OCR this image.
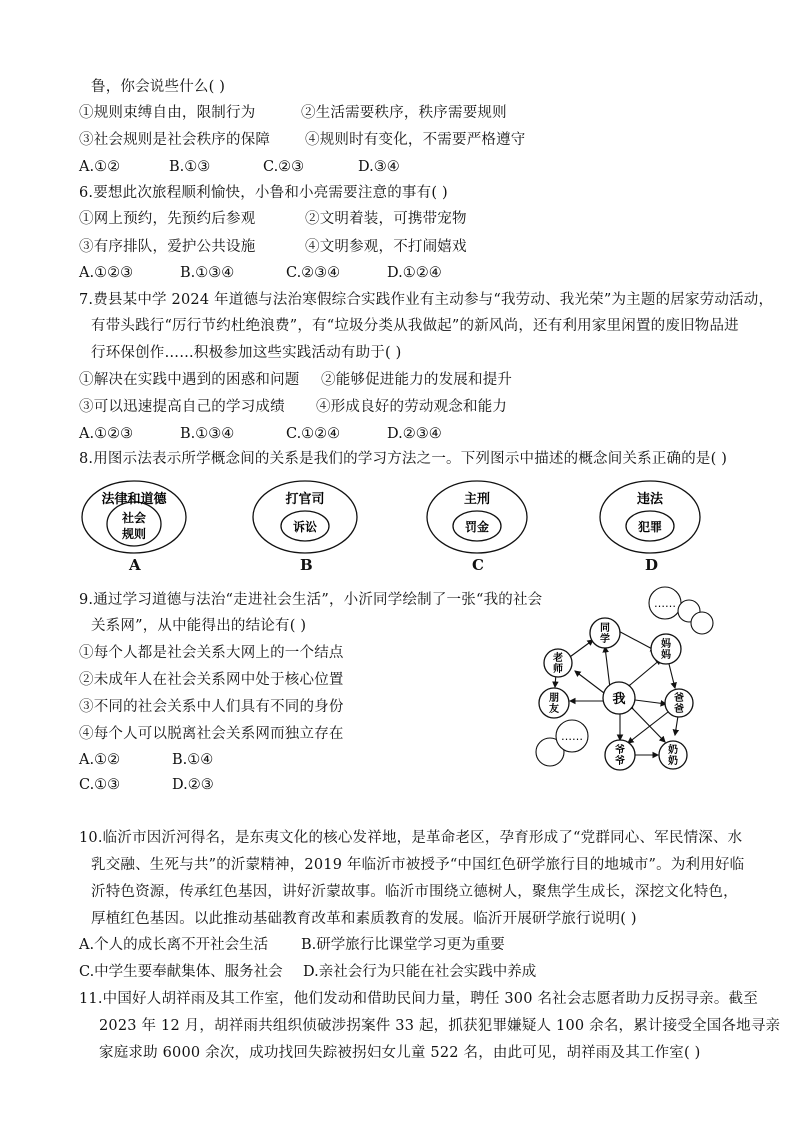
鲁，你会说些什么( )
①规则束缚自由，限制行为	②生活需要秩序，秩序需要规则
③社会规则是社会秩序的保障 ④规则时有变化，不需要严格遵守
A.①②	B.①③	C.②③	D.③④
6.要想此次旅程顺利愉快，小鲁和小亮需要注意的事有( )
①网上预约，先预约后参观	②文明着装，可携带宠物
③有序排队，爱护公共设施	④文明参观，不打闹嬉戏
A.①②③	B.①③④	C.②③④	D.①②④
7.费县某中学 2024 年道德与法治寒假综合实践作业有主动参与“我劳动、我光荣”为主题的居家劳动活动，
有带头践行“厉行节约杜绝浪费”，有“垃圾分类从我做起”的新风尚，还有利用家里闲置的废旧物品进
行环保创作……积极参加这些实践活动有助于( )
①解决在实践中遇到的困惑和问题 ②能够促进能力的发展和提升
③可以迅速提高自己的学习成绩 ④形成良好的劳动观念和能力
A.①②③	B.①③④	C.①②④	D.②③④
8.用图示法表示所学概念间的关系是我们的学习方法之一。下列图示中描述的概念间关系正确的是( )
法律和道德
社会
规则
打官司
诉讼
主刑
罚金
违法
犯罪
A	B	C	D
9.通过学习道德与法治“走进社会生活”，小沂同学绘制了一张“我的社会
关系网”，从中能得出的结论有( )
①每个人都是社会关系大网上的一个结点
②未成年人在社会关系网中处于核心位置
③不同的社会关系中人们具有不同的身份
④每个人可以脱离社会关系网而独立存在
A.①②	B.①④
C.①③	D.②③
我
同
学	妈
妈
老
师
朋
友
爸
爸
爷
爷
奶
奶
……
……
10.临沂市因沂河得名，是东夷文化的核心发祥地，是革命老区，孕育形成了“党群同心、军民情深、水
乳交融、生死与共”的沂蒙精神，2019 年临沂市被授予“中国红色研学旅行目的地城市”。为利用好临
沂特色资源，传承红色基因，讲好沂蒙故事。临沂市围绕立德树人，聚焦学生成长，深挖文化特色，
厚植红色基因。以此推动基础教育改革和素质教育的发展。临沂开展研学旅行说明( )
A.个人的成长离不开社会生活 B.研学旅行比课堂学习更为重要
C.中学生要奉献集体、服务社会 D.亲社会行为只能在社会实践中养成
11.中国好人胡祥雨及其工作室，他们发动和借助民间力量，聘任 300 名社会志愿者助力反拐寻亲。截至
2023 年 12 月，胡祥雨共组织侦破涉拐案件 33 起，抓获犯罪嫌疑人 100 余名，累计接受全国各地寻亲
家庭求助 6000 余次，成功找回失踪被拐妇女儿童 522 名，由此可见，胡祥雨及其工作室( )
